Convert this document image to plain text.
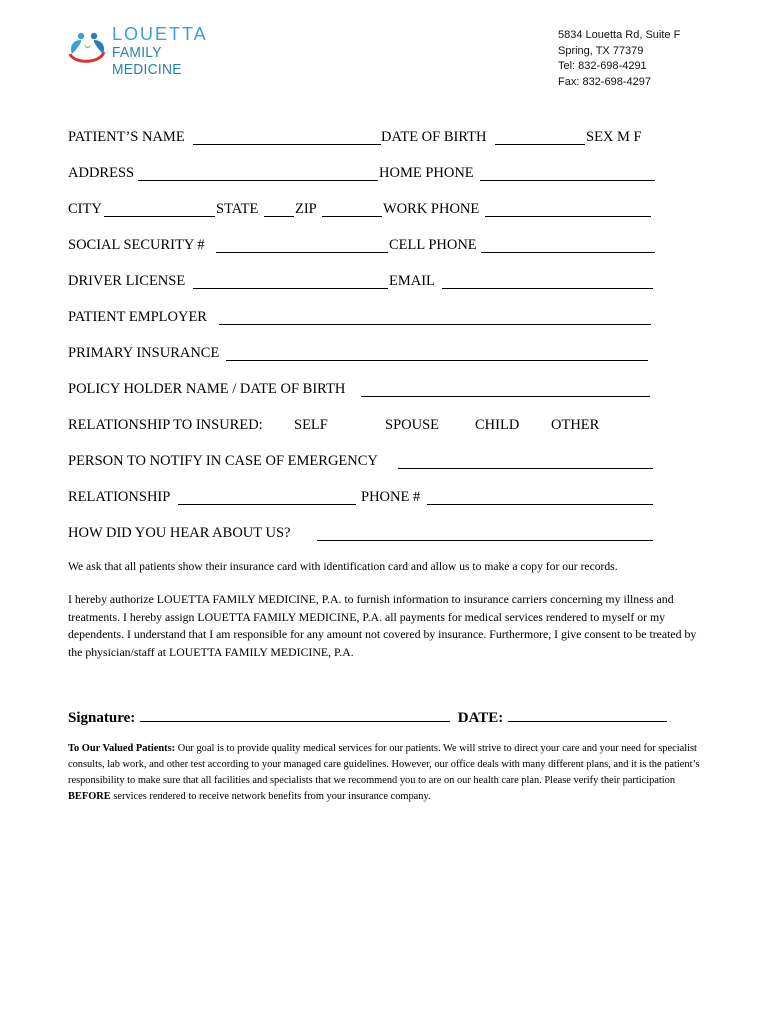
LOUETTA
FAMILY MEDICINE
5834 Louetta Rd, Suite F
Spring, TX 77379
Tel: 832-698-4291
Fax: 832-698-4297
PATIENT’S NAME	DATE OF BIRTH	SEX M F
ADDRESS	HOME PHONE
CITY	STATE	ZIP	WORK PHONE
SOCIAL SECURITY #	CELL PHONE
DRIVER LICENSE	EMAIL
PATIENT EMPLOYER
PRIMARY INSURANCE
POLICY HOLDER NAME / DATE OF BIRTH
RELATIONSHIP TO INSURED: SELF	SPOUSE CHILD OTHER
PERSON TO NOTIFY IN CASE OF EMERGENCY
RELATIONSHIP	PHONE #
HOW DID YOU HEAR ABOUT US?
We ask that all patients show their insurance card with identification card and allow us to make a copy for our records.
I hereby authorize LOUETTA FAMILY MEDICINE, P.A. to furnish information to insurance carriers concerning my illness and treatments. I hereby assign LOUETTA FAMILY MEDICINE, P.A. all payments for medical services rendered to myself or my dependents. I understand that I am responsible for any amount not covered by insurance. Furthermore, I give consent to be treated by the physician/staff at LOUETTA FAMILY MEDICINE, P.A.
Signature:	DATE:
To Our Valued Patients: Our goal is to provide quality medical services for our patients. We will strive to direct your care and your need for specialist consults, lab work, and other test according to your managed care guidelines. However, our office deals with many different plans, and it is the patient’s responsibility to make sure that all facilities and specialists that we recommend you to are on our health care plan. Please verify their participation BEFORE services rendered to receive network benefits from your insurance company.
